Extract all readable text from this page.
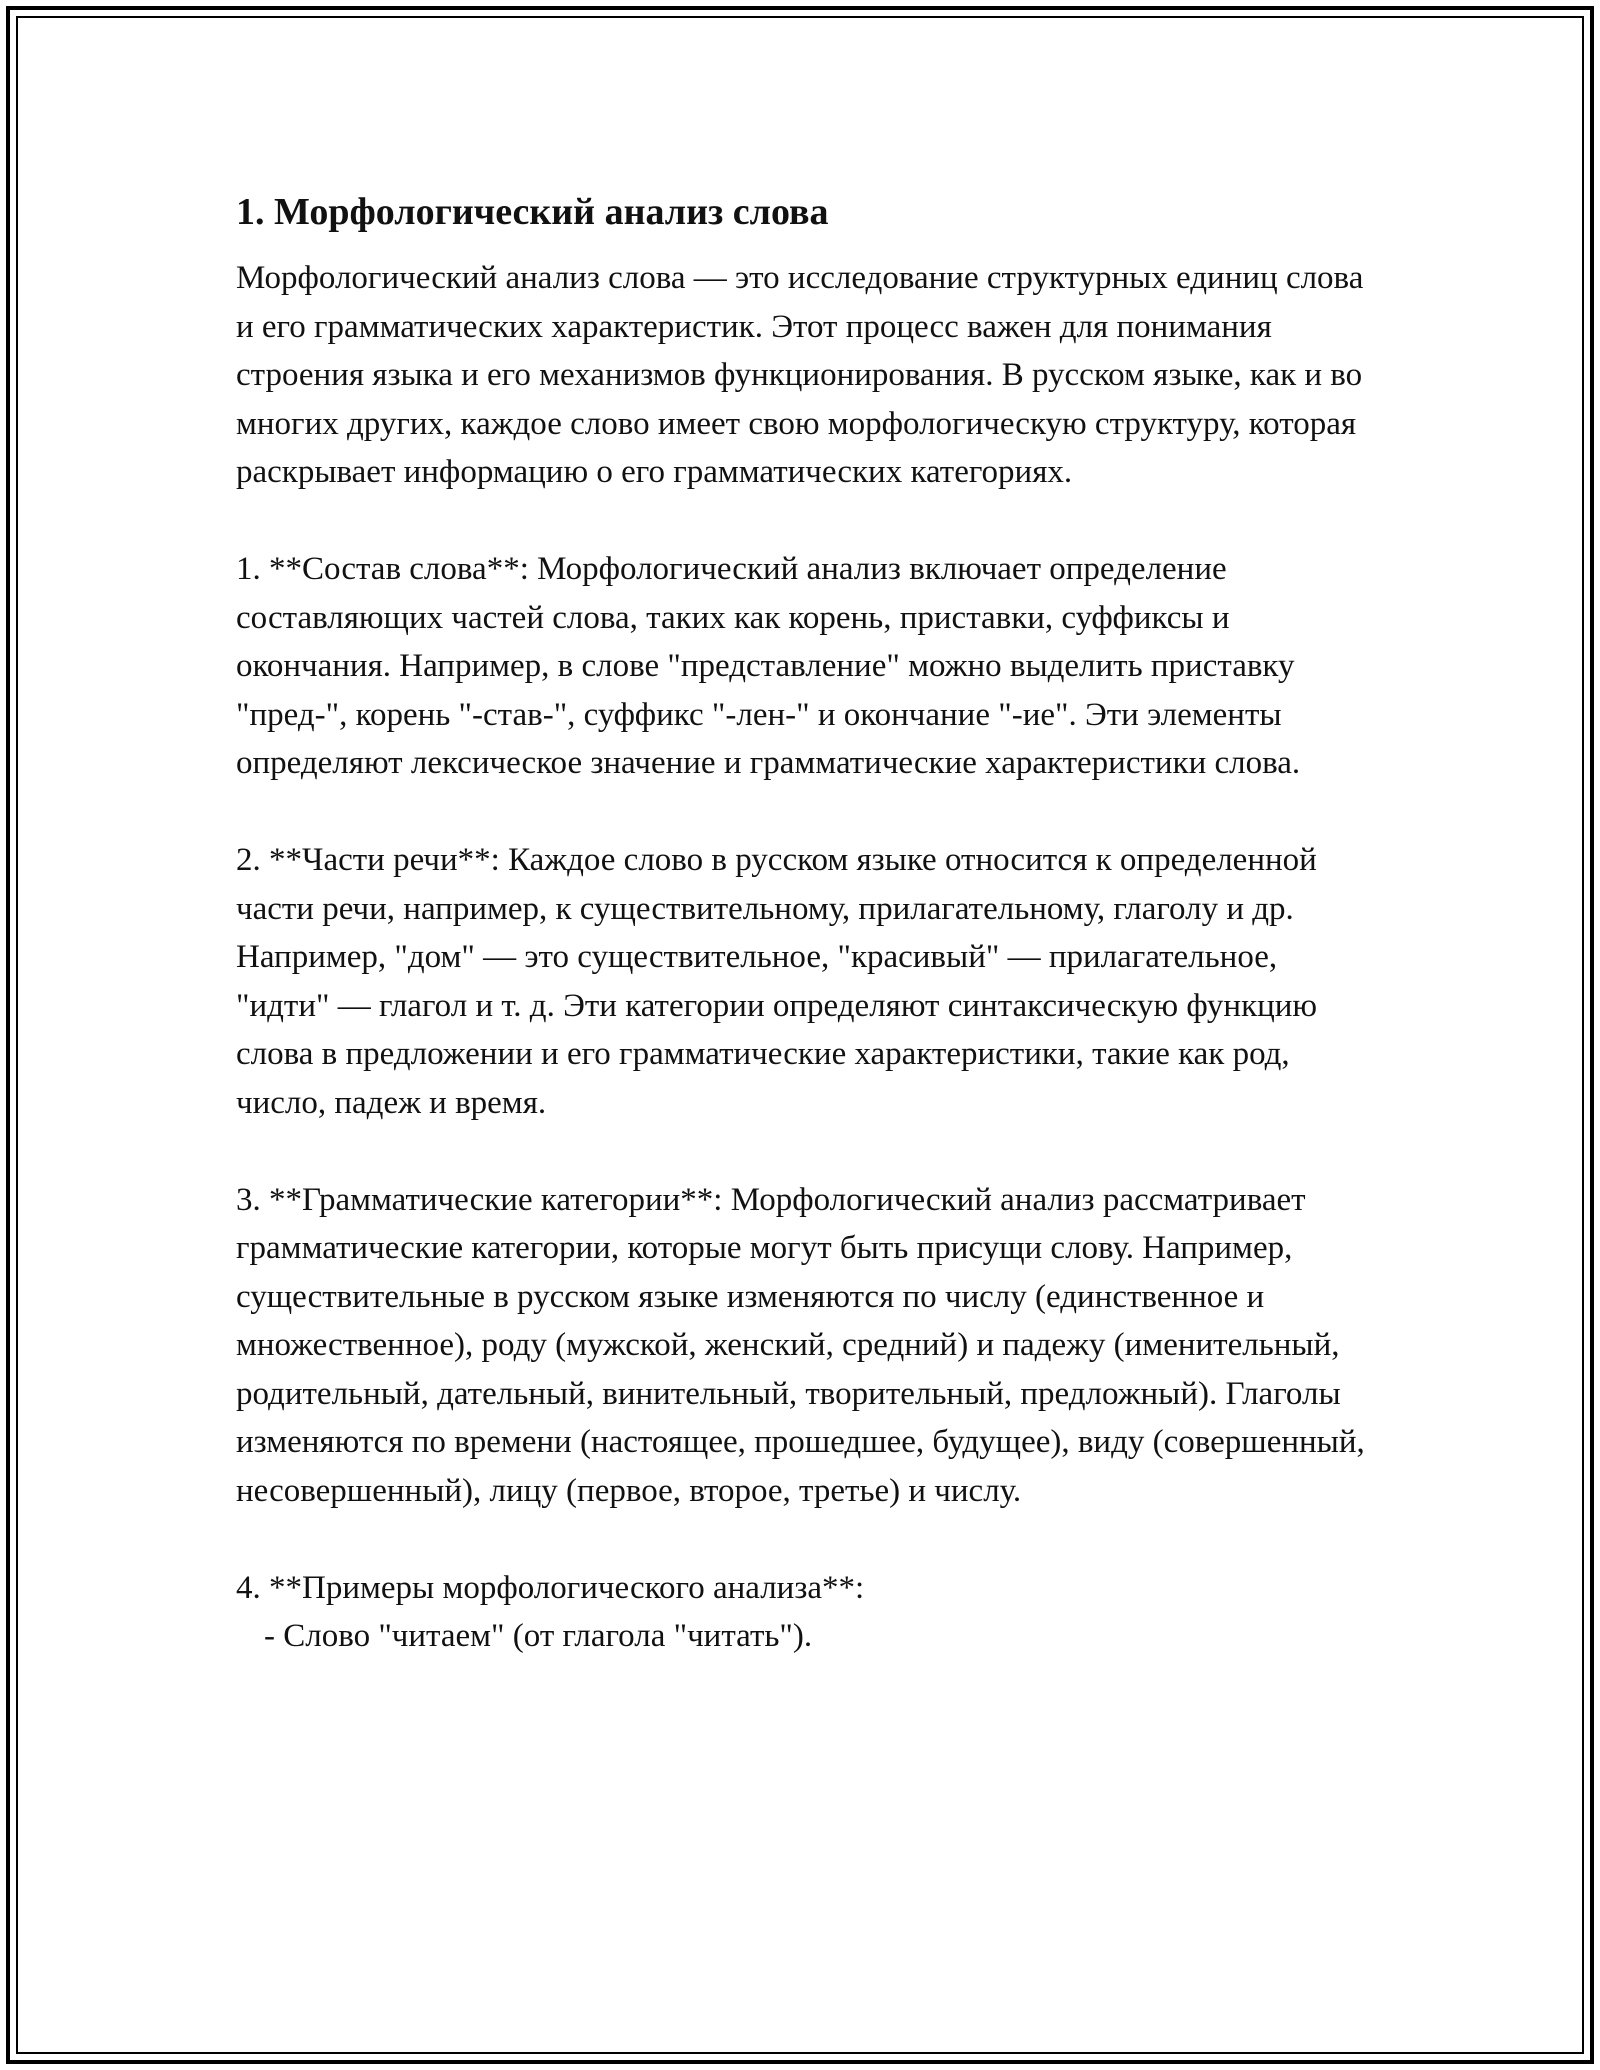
1. Морфологический анализ слова

Морфологический анализ слова — это исследование структурных единиц слова и его грамматических характеристик. Этот процесс важен для понимания строения языка и его механизмов функционирования. В русском языке, как и во многих других, каждое слово имеет свою морфологическую структуру, которая раскрывает информацию о его грамматических категориях.

1. **Состав слова**: Морфологический анализ включает определение составляющих частей слова, таких как корень, приставки, суффиксы и окончания. Например, в слове "представление" можно выделить приставку "пред-", корень "-став-", суффикс "-лен-" и окончание "-ие". Эти элементы определяют лексическое значение и грамматические характеристики слова.

2. **Части речи**: Каждое слово в русском языке относится к определенной части речи, например, к существительному, прилагательному, глаголу и др. Например, "дом" — это существительное, "красивый" — прилагательное, "идти" — глагол и т. д. Эти категории определяют синтаксическую функцию слова в предложении и его грамматические характеристики, такие как род, число, падеж и время.

3. **Грамматические категории**: Морфологический анализ рассматривает грамматические категории, которые могут быть присущи слову. Например, существительные в русском языке изменяются по числу (единственное и множественное), роду (мужской, женский, средний) и падежу (именительный, родительный, дательный, винительный, творительный, предложный). Глаголы изменяются по времени (настоящее, прошедшее, будущее), виду (совершенный, несовершенный), лицу (первое, второе, третье) и числу.

4. **Примеры морфологического анализа**:

- Слово "читаем" (от глагола "читать").
